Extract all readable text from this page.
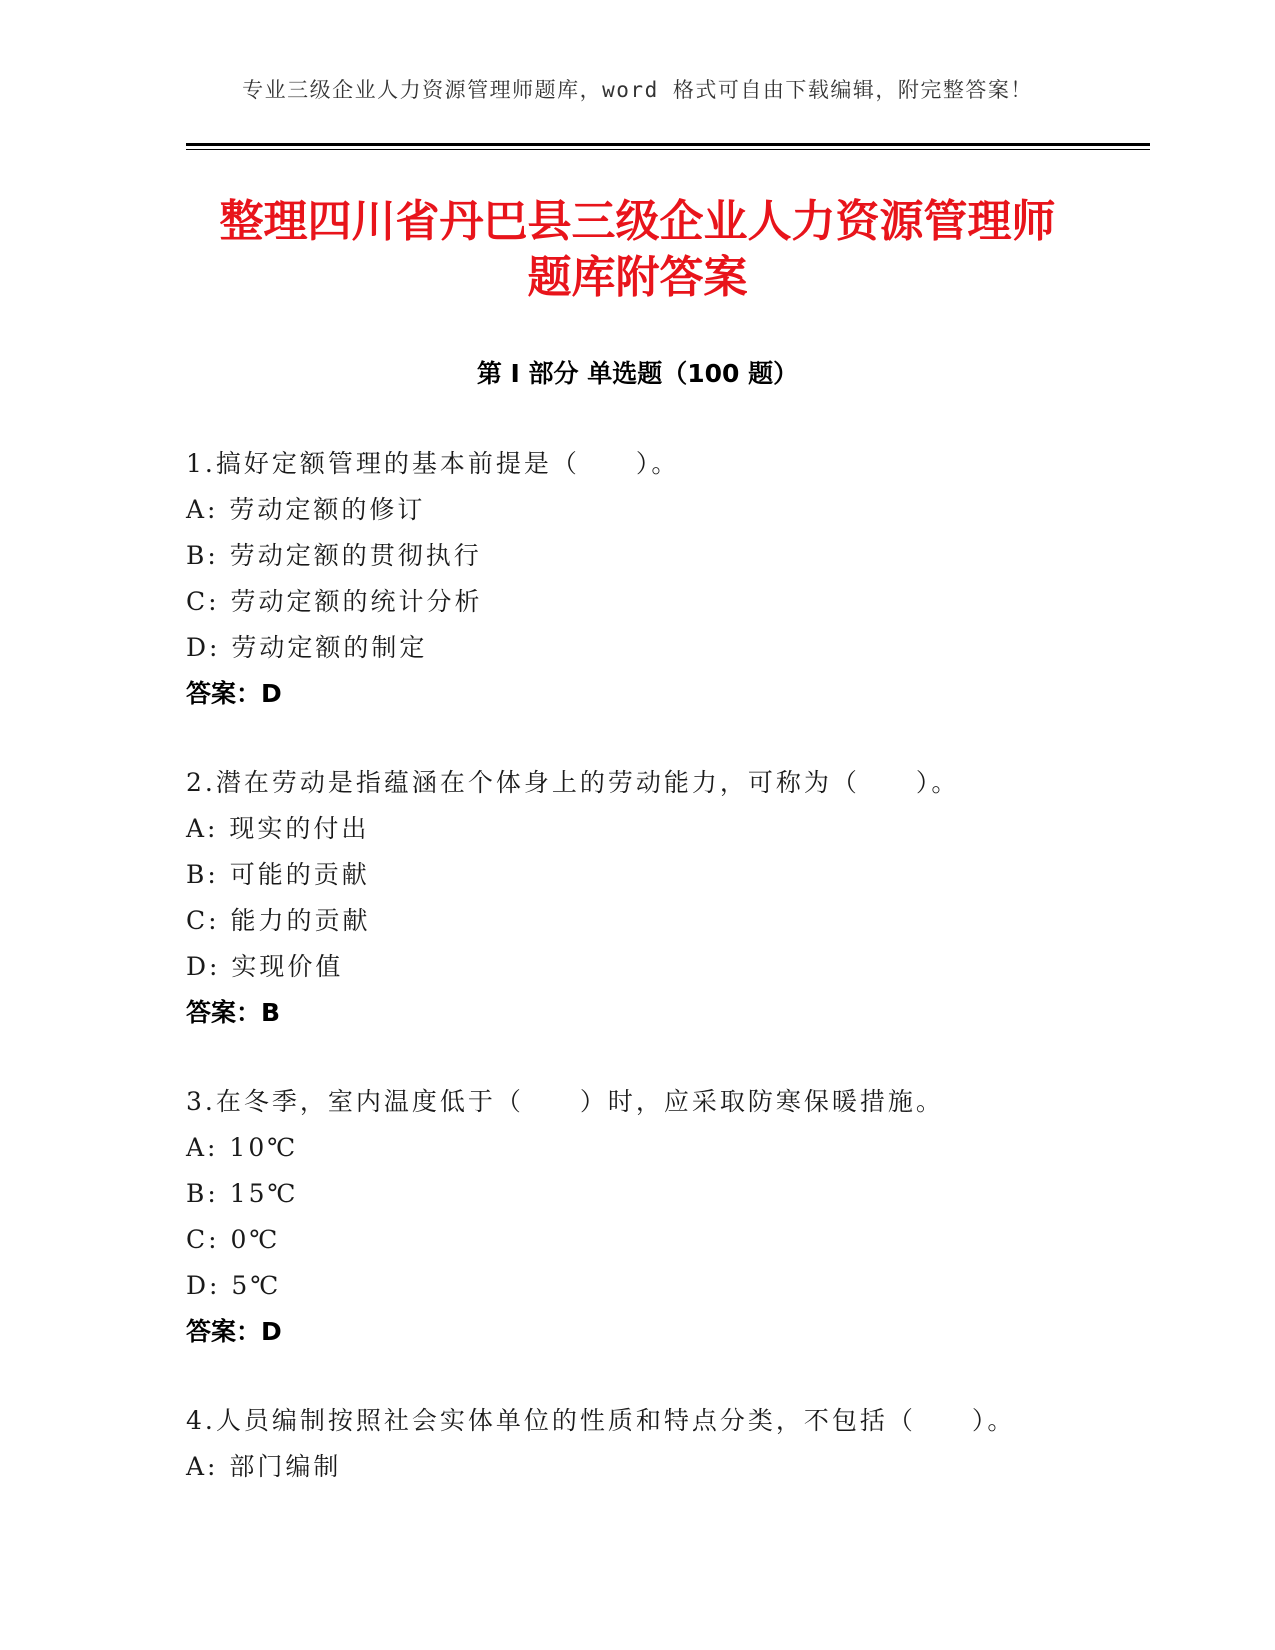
专业三级企业人力资源管理师题库，word 格式可自由下载编辑，附完整答案！
整理四川省丹巴县三级企业人力资源管理师
题库附答案
第 I 部分 单选题（100 题）
1.搞好定额管理的基本前提是（　　）。
A: 劳动定额的修订
B: 劳动定额的贯彻执行
C: 劳动定额的统计分析
D: 劳动定额的制定
答案：D
2.潜在劳动是指蕴涵在个体身上的劳动能力，可称为（　　）。
A: 现实的付出
B: 可能的贡献
C: 能力的贡献
D: 实现价值
答案：B
3.在冬季，室内温度低于（　　）时，应采取防寒保暖措施。
A: 10℃
B: 15℃
C: 0℃
D: 5℃
答案：D
4.人员编制按照社会实体单位的性质和特点分类，不包括（　　）。
A: 部门编制
